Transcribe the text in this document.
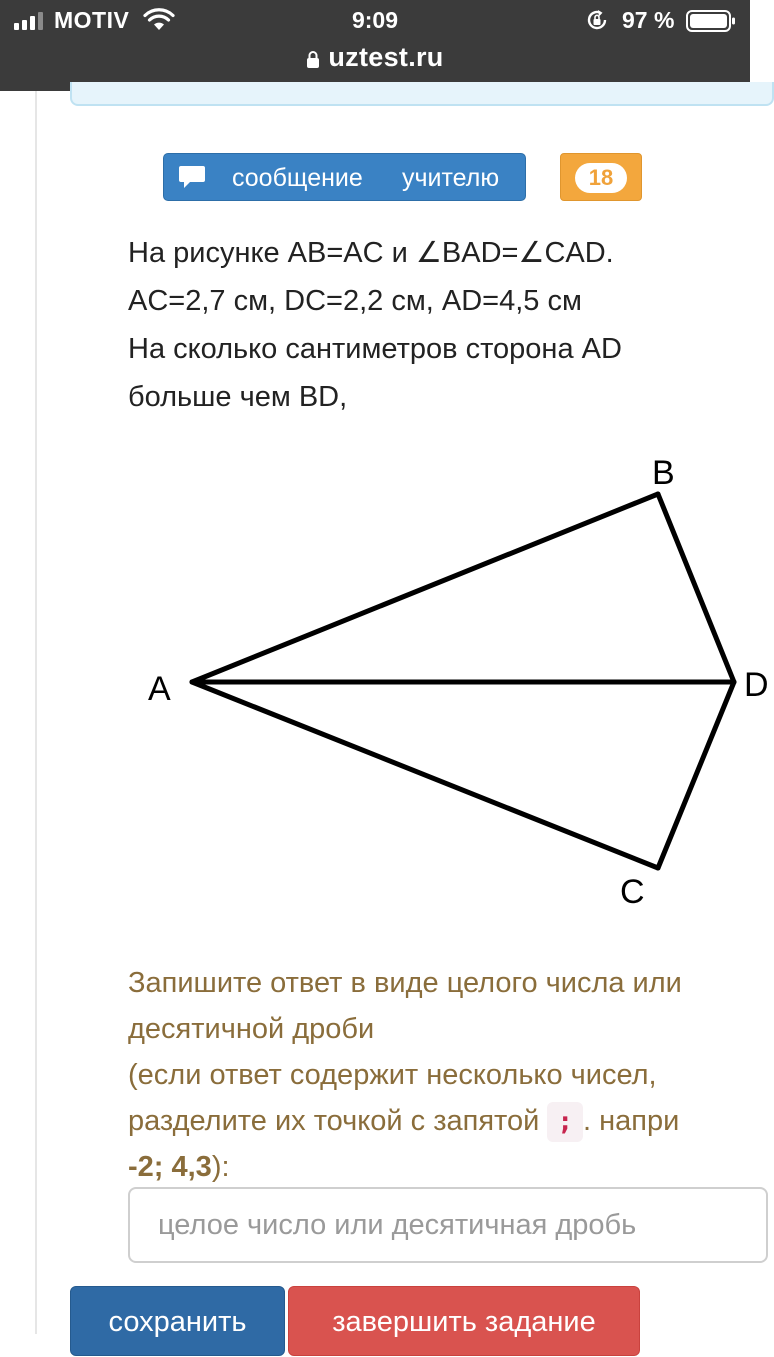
MOTIV	9:09	97 %
uztest.ru
сообщение учителю	18
На рисунке AB=AC и ∠BAD=∠CAD.
AC=2,7 см, DC=2,2 см, AD=4,5 см
На сколько сантиметров сторона AD
больше чем BD,
A
B
C
D
Запишите ответ в виде целого числа или
десятичной дроби
(если ответ содержит несколько чисел,
разделите их точкой с запятой ; . напри
-2; 4,3):
целое число или десятичная дробь
сохранить	завершить задание
